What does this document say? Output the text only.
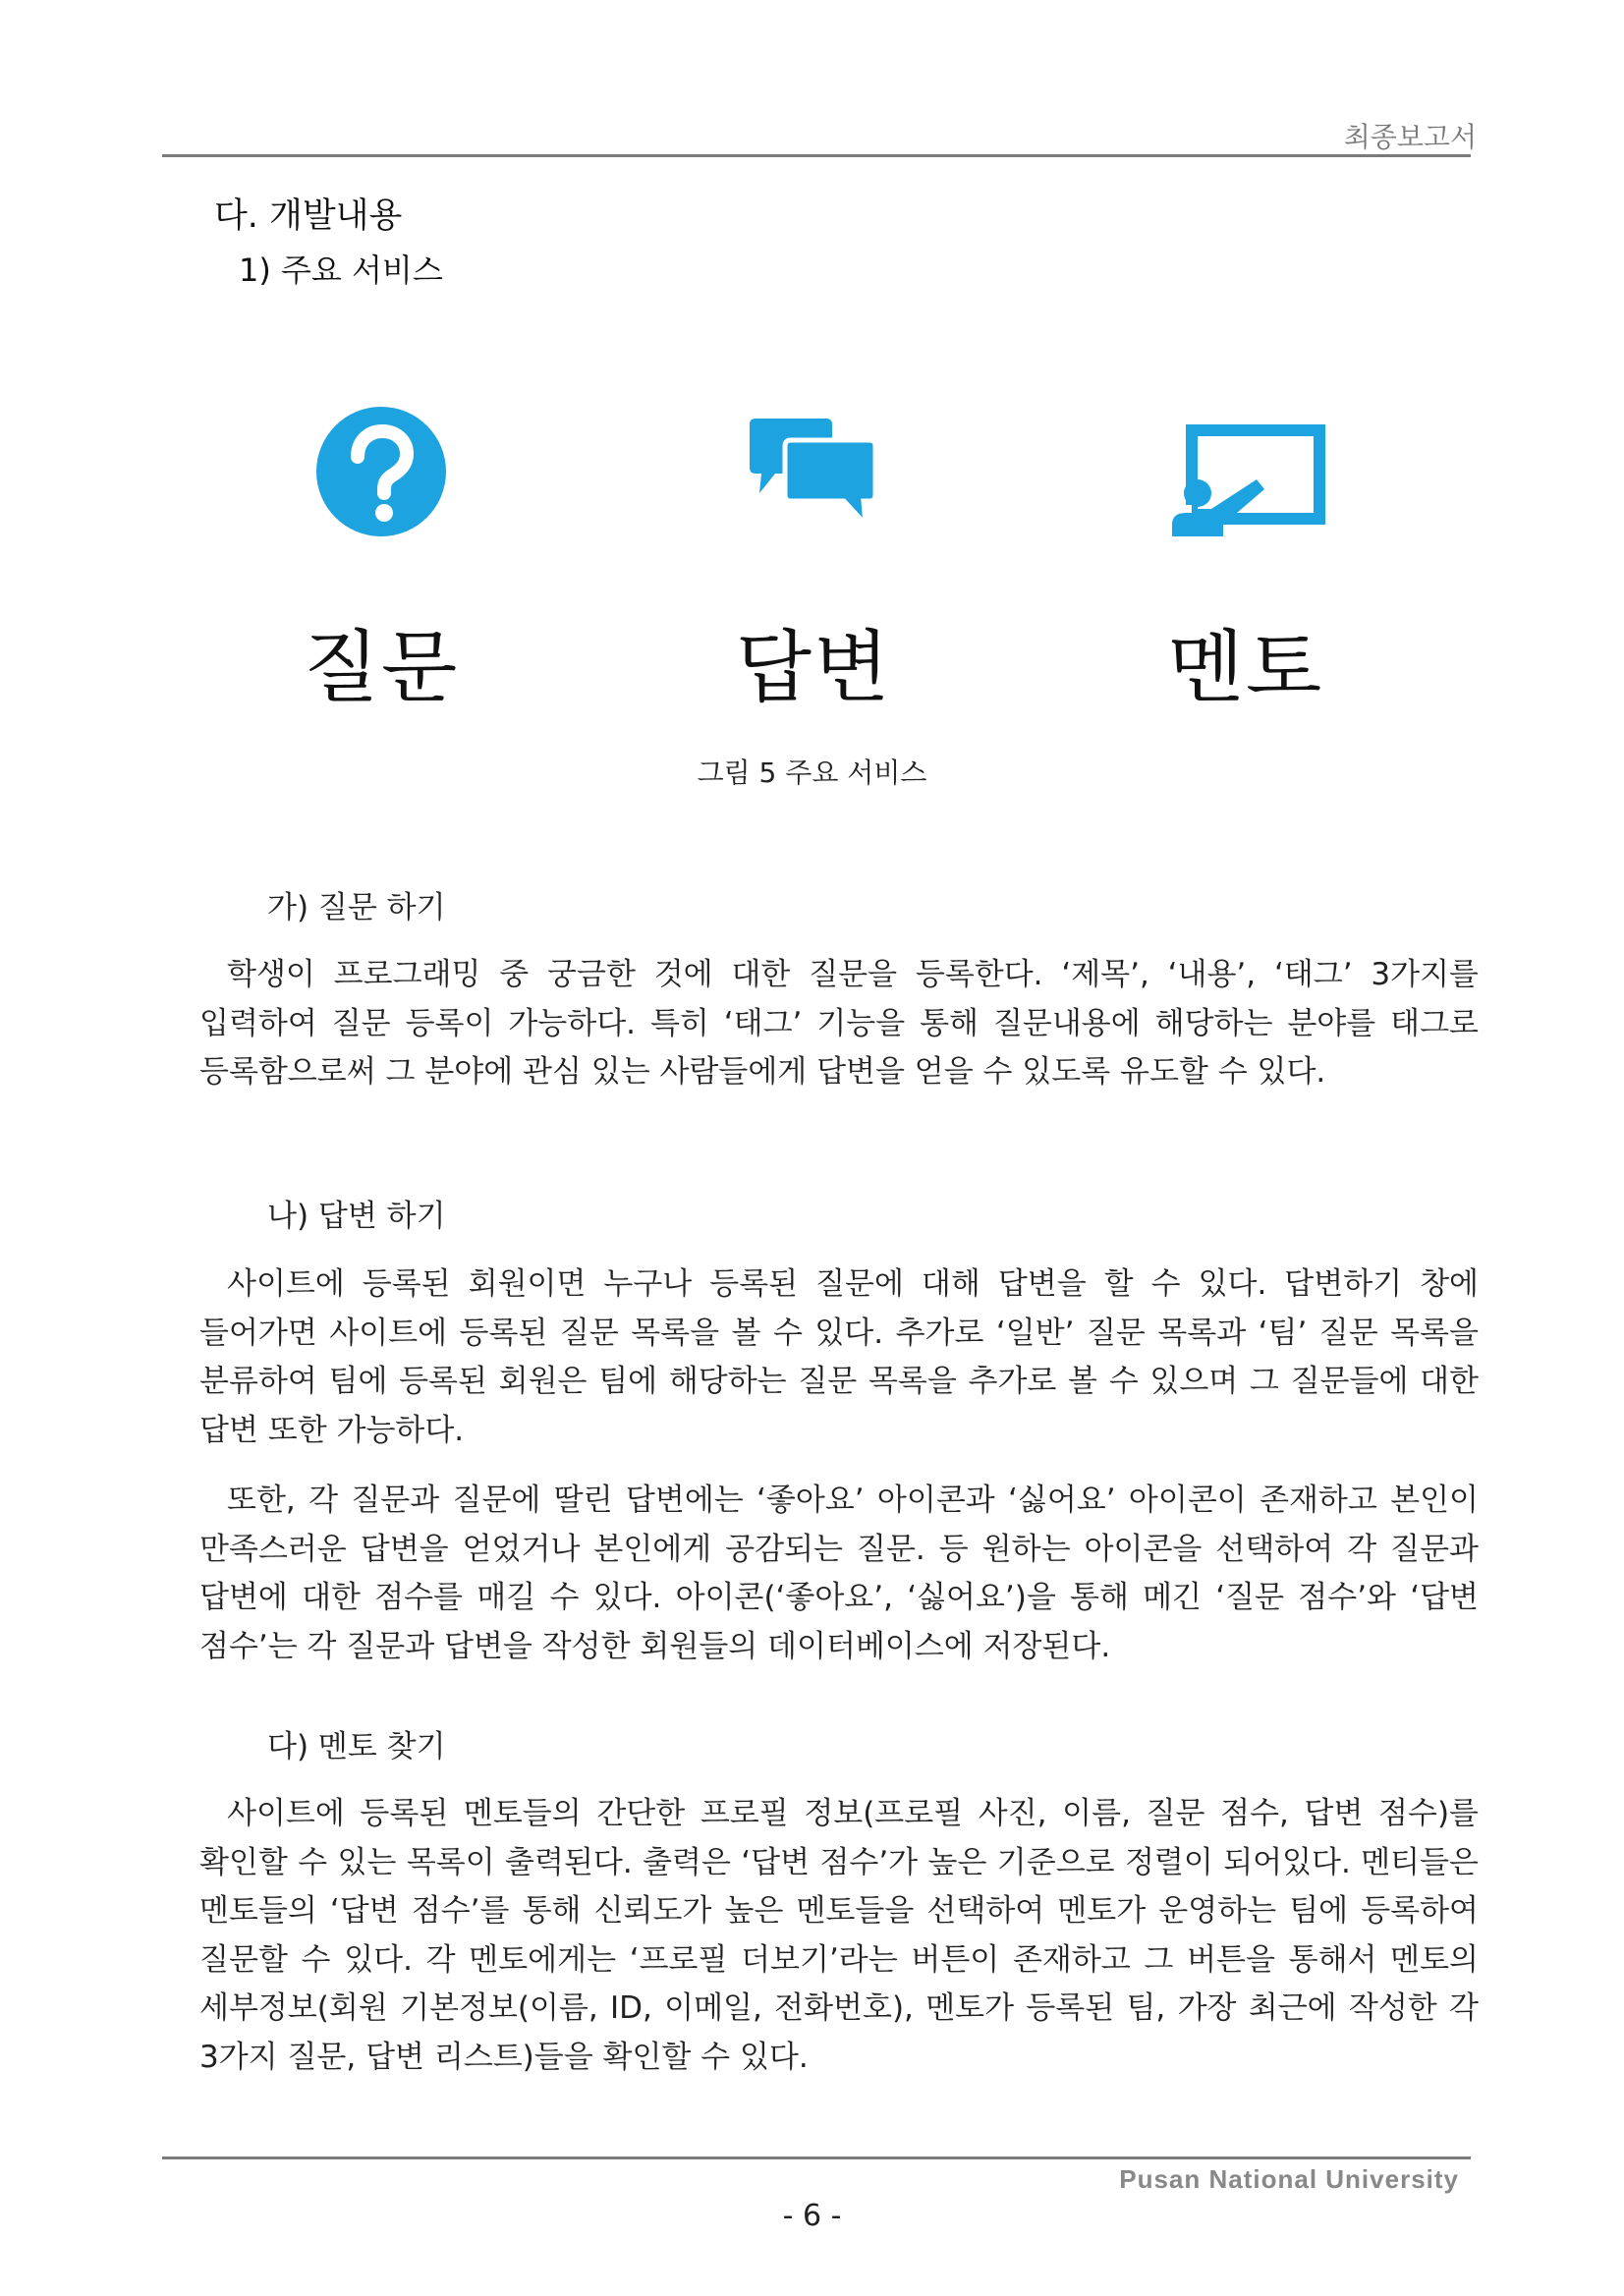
최종보고서
다. 개발내용
1) 주요 서비스
질문	답변	멘토
그림 5 주요 서비스
가) 질문 하기
학생이 프로그래밍 중 궁금한 것에 대한 질문을 등록한다. ‘제목’, ‘내용’, ‘태그’ 3가지를 입력하여 질문 등록이 가능하다. 특히 ‘태그’ 기능을 통해 질문내용에 해당하는 분야를 태그로 등록함으로써 그 분야에 관심 있는 사람들에게 답변을 얻을 수 있도록 유도할 수 있다.
나) 답변 하기
사이트에 등록된 회원이면 누구나 등록된 질문에 대해 답변을 할 수 있다. 답변하기 창에 들어가면 사이트에 등록된 질문 목록을 볼 수 있다. 추가로 ‘일반’ 질문 목록과 ‘팀’ 질문 목록을 분류하여 팀에 등록된 회원은 팀에 해당하는 질문 목록을 추가로 볼 수 있으며 그 질문들에 대한 답변 또한 가능하다.
또한, 각 질문과 질문에 딸린 답변에는 ‘좋아요’ 아이콘과 ‘싫어요’ 아이콘이 존재하고 본인이 만족스러운 답변을 얻었거나 본인에게 공감되는 질문. 등 원하는 아이콘을 선택하여 각 질문과 답변에 대한 점수를 매길 수 있다. 아이콘(‘좋아요’, ‘싫어요’)을 통해 메긴 ‘질문 점수’와 ‘답변 점수’는 각 질문과 답변을 작성한 회원들의 데이터베이스에 저장된다.
다) 멘토 찾기
사이트에 등록된 멘토들의 간단한 프로필 정보(프로필 사진, 이름, 질문 점수, 답변 점수)를 확인할 수 있는 목록이 출력된다. 출력은 ‘답변 점수’가 높은 기준으로 정렬이 되어있다. 멘티들은 멘토들의 ‘답변 점수’를 통해 신뢰도가 높은 멘토들을 선택하여 멘토가 운영하는 팀에 등록하여 질문할 수 있다. 각 멘토에게는 ‘프로필 더보기’라는 버튼이 존재하고 그 버튼을 통해서 멘토의 세부정보(회원 기본정보(이름, ID, 이메일, 전화번호), 멘토가 등록된 팀, 가장 최근에 작성한 각 3가지 질문, 답변 리스트)들을 확인할 수 있다.
Pusan National University
- 6 -
